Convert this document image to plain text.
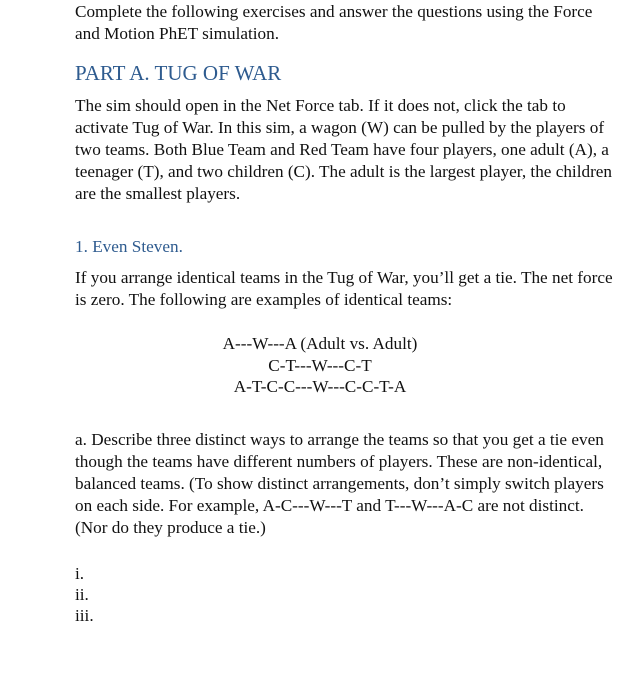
Complete the following exercises and answer the questions using the Force and Motion PhET simulation.

PART A. TUG OF WAR

The sim should open in the Net Force tab. If it does not, click the tab to activate Tug of War. In this sim, a wagon (W) can be pulled by the players of two teams. Both Blue Team and Red Team have four players, one adult (A), a teenager (T), and two children (C). The adult is the largest player, the children are the smallest players.

1. Even Steven.

If you arrange identical teams in the Tug of War, you’ll get a tie. The net force is zero. The following are examples of identical teams:

A---W---A (Adult vs. Adult)
C-T---W---C-T
A-T-C-C---W---C-C-T-A

a. Describe three distinct ways to arrange the teams so that you get a tie even though the teams have different numbers of players. These are non-identical, balanced teams. (To show distinct arrangements, don’t simply switch players on each side. For example, A-C---W---T and T---W---A-C are not distinct. (Nor do they produce a tie.)

i.
ii.
iii.
